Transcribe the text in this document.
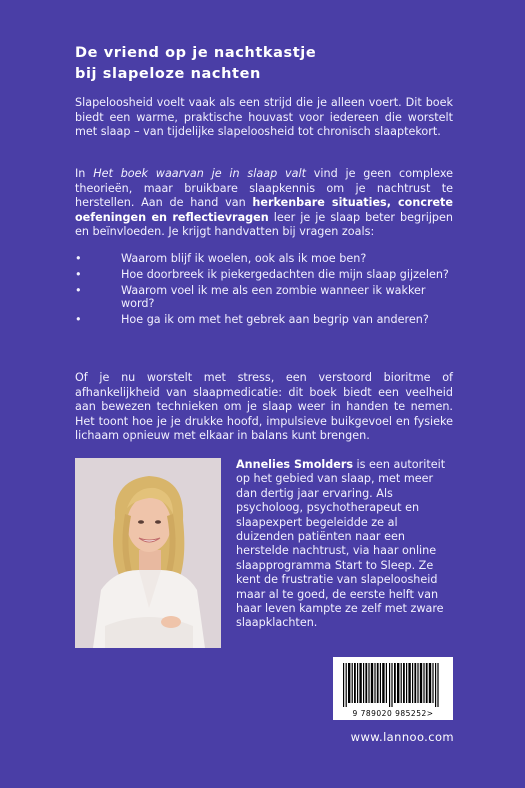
De vriend op je nachtkastje
bij slapeloze nachten
Slapeloosheid voelt vaak als een strijd die je alleen voert. Dit boek biedt een warme, praktische houvast voor iedereen die worstelt met slaap – van tijdelijke slapeloosheid tot chronisch slaaptekort.
In Het boek waarvan je in slaap valt vind je geen complexe theorieën, maar bruikbare slaapkennis om je nachtrust te herstellen. Aan de hand van herkenbare situaties, concrete oefeningen en reflectievragen leer je je slaap beter begrijpen en beïnvloeden. Je krijgt handvatten bij vragen zoals:
•	Waarom blijf ik woelen, ook als ik moe ben?
•	Hoe doorbreek ik piekergedachten die mijn slaap gijzelen?
•	Waarom voel ik me als een zombie wanneer ik wakker word?
•	Hoe ga ik om met het gebrek aan begrip van anderen?
Of je nu worstelt met stress, een verstoord bioritme of afhankelijkheid van slaapmedicatie: dit boek biedt een veelheid aan bewezen technieken om je slaap weer in handen te nemen. Het toont hoe je je drukke hoofd, impulsieve buikgevoel en fysieke lichaam opnieuw met elkaar in balans kunt brengen.
Annelies Smolders is een autoriteit op het gebied van slaap, met meer dan dertig jaar ervaring. Als psycholoog, psychotherapeut en slaapexpert begeleidde ze al duizenden patiënten naar een herstelde nachtrust, via haar online slaapprogramma Start to Sleep. Ze kent de frustratie van slapeloosheid maar al te goed, de eerste helft van haar leven kampte ze zelf met zware slaapklachten.
9 789020 985252>
www.lannoo.com
